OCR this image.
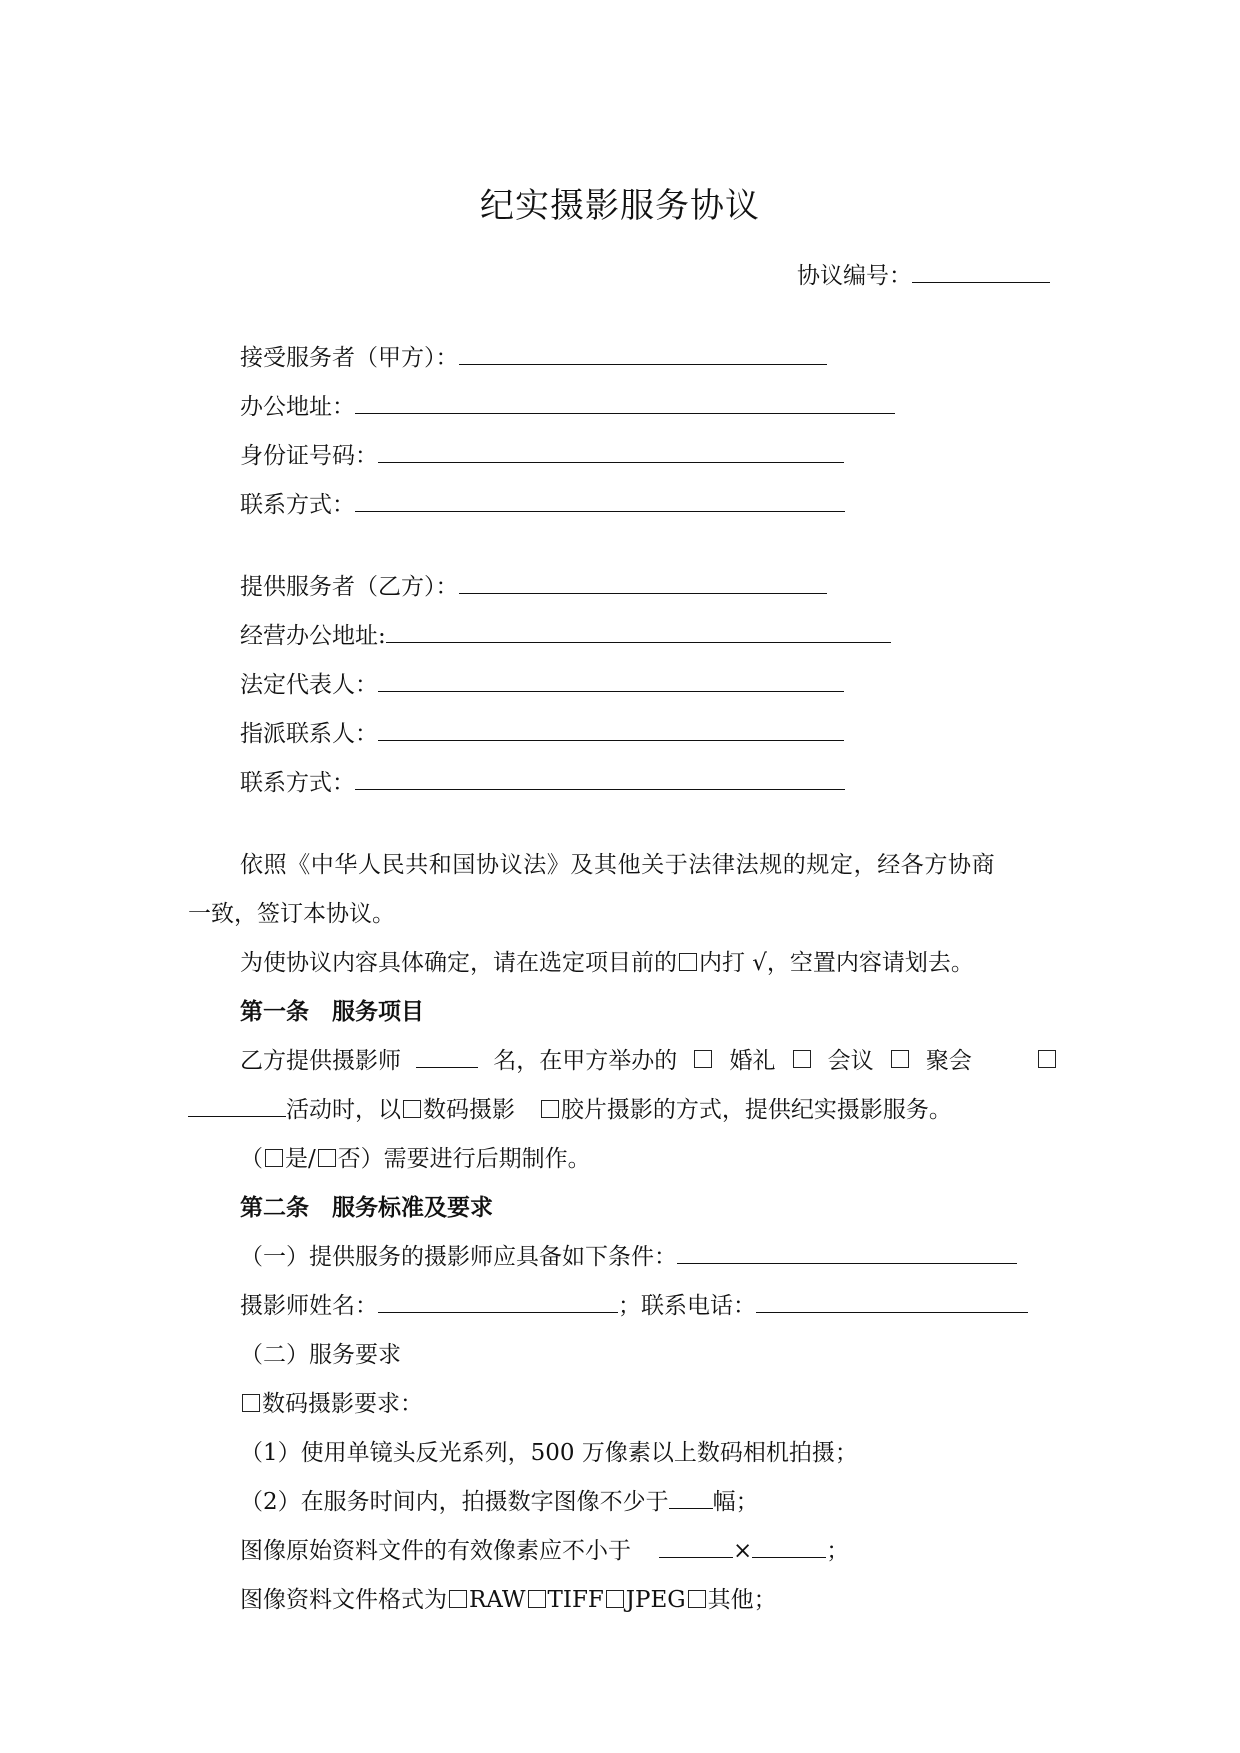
纪实摄影服务协议
协议编号：
接受服务者（甲方）：
办公地址：
身份证号码：
联系方式：
提供服务者（乙方）：
经营办公地址:
法定代表人：
指派联系人：
联系方式：
依照《中华人民共和国协议法》及其他关于法律法规的规定，经各方协商
一致，签订本协议。
为使协议内容具体确定，请在选定项目前的 内打 √，空置内容请划去。
第一条　服务项目
乙方提供摄影师	名，在甲方举办的 婚礼 会议 聚会
活动时，以 数码摄影 胶片摄影的方式，提供纪实摄影服务。
（ 是/ 否）需要进行后期制作。
第二条　服务标准及要求
（一）提供服务的摄影师应具备如下条件：
摄影师姓名：	；联系电话：
（二）服务要求
数码摄影要求：
（1）使用单镜头反光系列，500 万像素以上数码相机拍摄；
（2）在服务时间内，拍摄数字图像不少于 幅；
图像原始资料文件的有效像素应不小于	×	；
图像资料文件格式为 RAW TIFF JPEG 其他；
